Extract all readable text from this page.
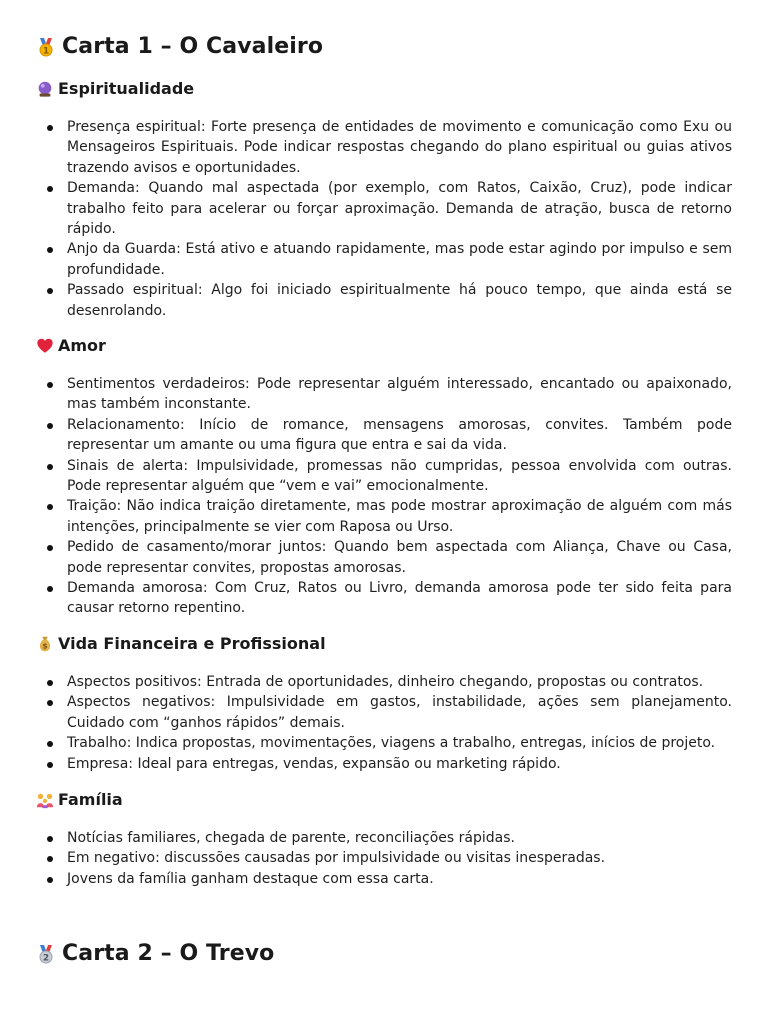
1 Carta 1 – O Cavaleiro
Espiritualidade
Presença espiritual: Forte presença de entidades de movimento e comunicação como Exu ou Mensageiros Espirituais. Pode indicar respostas chegando do plano espiritual ou guias ativos trazendo avisos e oportunidades.
Demanda: Quando mal aspectada (por exemplo, com Ratos, Caixão, Cruz), pode indicar trabalho feito para acelerar ou forçar aproximação. Demanda de atração, busca de retorno rápido.
Anjo da Guarda: Está ativo e atuando rapidamente, mas pode estar agindo por impulso e sem profundidade.
Passado espiritual: Algo foi iniciado espiritualmente há pouco tempo, que ainda está se desenrolando.
Amor
Sentimentos verdadeiros: Pode representar alguém interessado, encantado ou apaixonado, mas também inconstante.
Relacionamento: Início de romance, mensagens amorosas, convites. Também pode representar um amante ou uma figura que entra e sai da vida.
Sinais de alerta: Impulsividade, promessas não cumpridas, pessoa envolvida com outras. Pode representar alguém que “vem e vai” emocionalmente.
Traição: Não indica traição diretamente, mas pode mostrar aproximação de alguém com más intenções, principalmente se vier com Raposa ou Urso.
Pedido de casamento/morar juntos: Quando bem aspectada com Aliança, Chave ou Casa, pode representar convites, propostas amorosas.
Demanda amorosa: Com Cruz, Ratos ou Livro, demanda amorosa pode ter sido feita para causar retorno repentino.
$ Vida Financeira e Profissional
Aspectos positivos: Entrada de oportunidades, dinheiro chegando, propostas ou contratos.
Aspectos negativos: Impulsividade em gastos, instabilidade, ações sem planejamento. Cuidado com “ganhos rápidos” demais.
Trabalho: Indica propostas, movimentações, viagens a trabalho, entregas, inícios de projeto.
Empresa: Ideal para entregas, vendas, expansão ou marketing rápido.
Família
Notícias familiares, chegada de parente, reconciliações rápidas.
Em negativo: discussões causadas por impulsividade ou visitas inesperadas.
Jovens da família ganham destaque com essa carta.
2 Carta 2 – O Trevo
